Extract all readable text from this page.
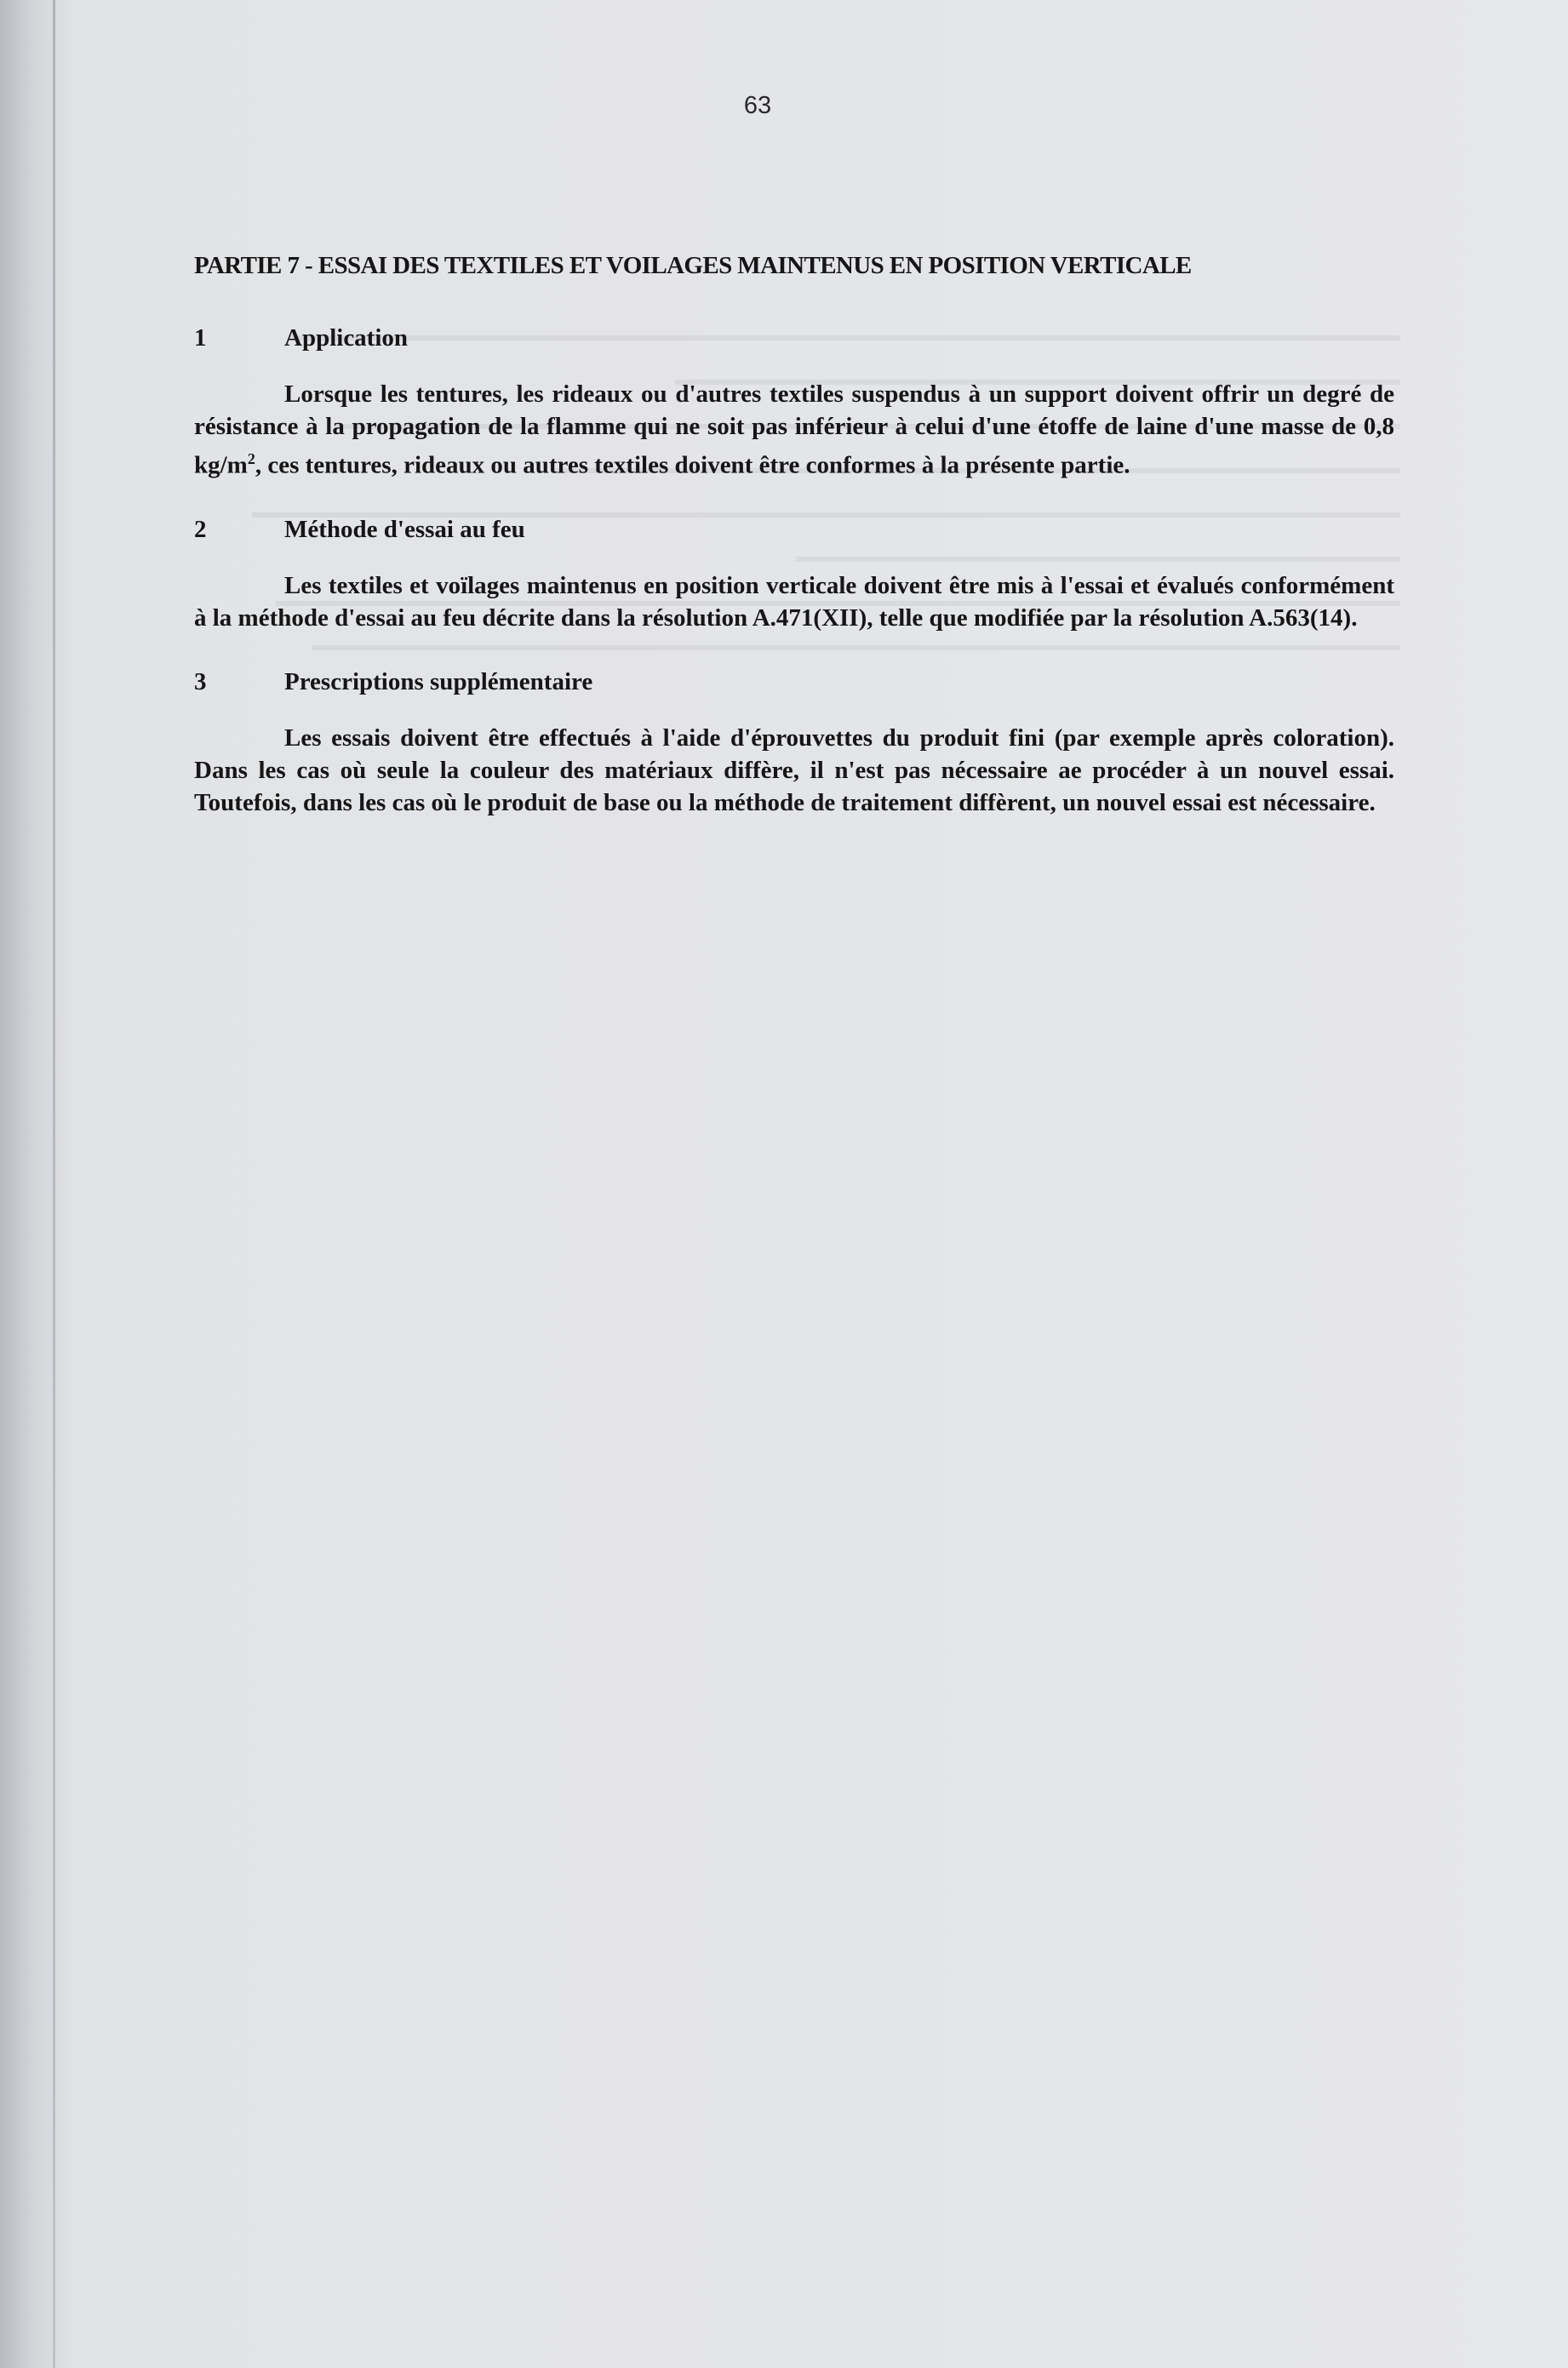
63
PARTIE 7 - ESSAI DES TEXTILES ET VOILAGES MAINTENUS EN POSITION VERTICALE
1	Application

Lorsque les tentures, les rideaux ou d'autres textiles suspendus à un support doivent offrir un degré de résistance à la propagation de la flamme qui ne soit pas inférieur à celui d'une étoffe de laine d'une masse de 0,8 $kg/m^2$, ces tentures, rideaux ou autres textiles doivent être conformes à la présente partie.

2	Méthode d'essai au feu

Les textiles et voïlages maintenus en position verticale doivent être mis à l'essai et évalués conformément à la méthode d'essai au feu décrite dans la résolution A.471(XII), telle que modifiée par la résolution A.563(14).

3	Prescriptions supplémentaire

Les essais doivent être effectués à l'aide d'éprouvettes du produit fini (par exemple après coloration). Dans les cas où seule la couleur des matériaux diffère, il n'est pas nécessaire ae procéder à un nouvel essai. Toutefois, dans les cas où le produit de base ou la méthode de traitement diffèrent, un nouvel essai est nécessaire.
